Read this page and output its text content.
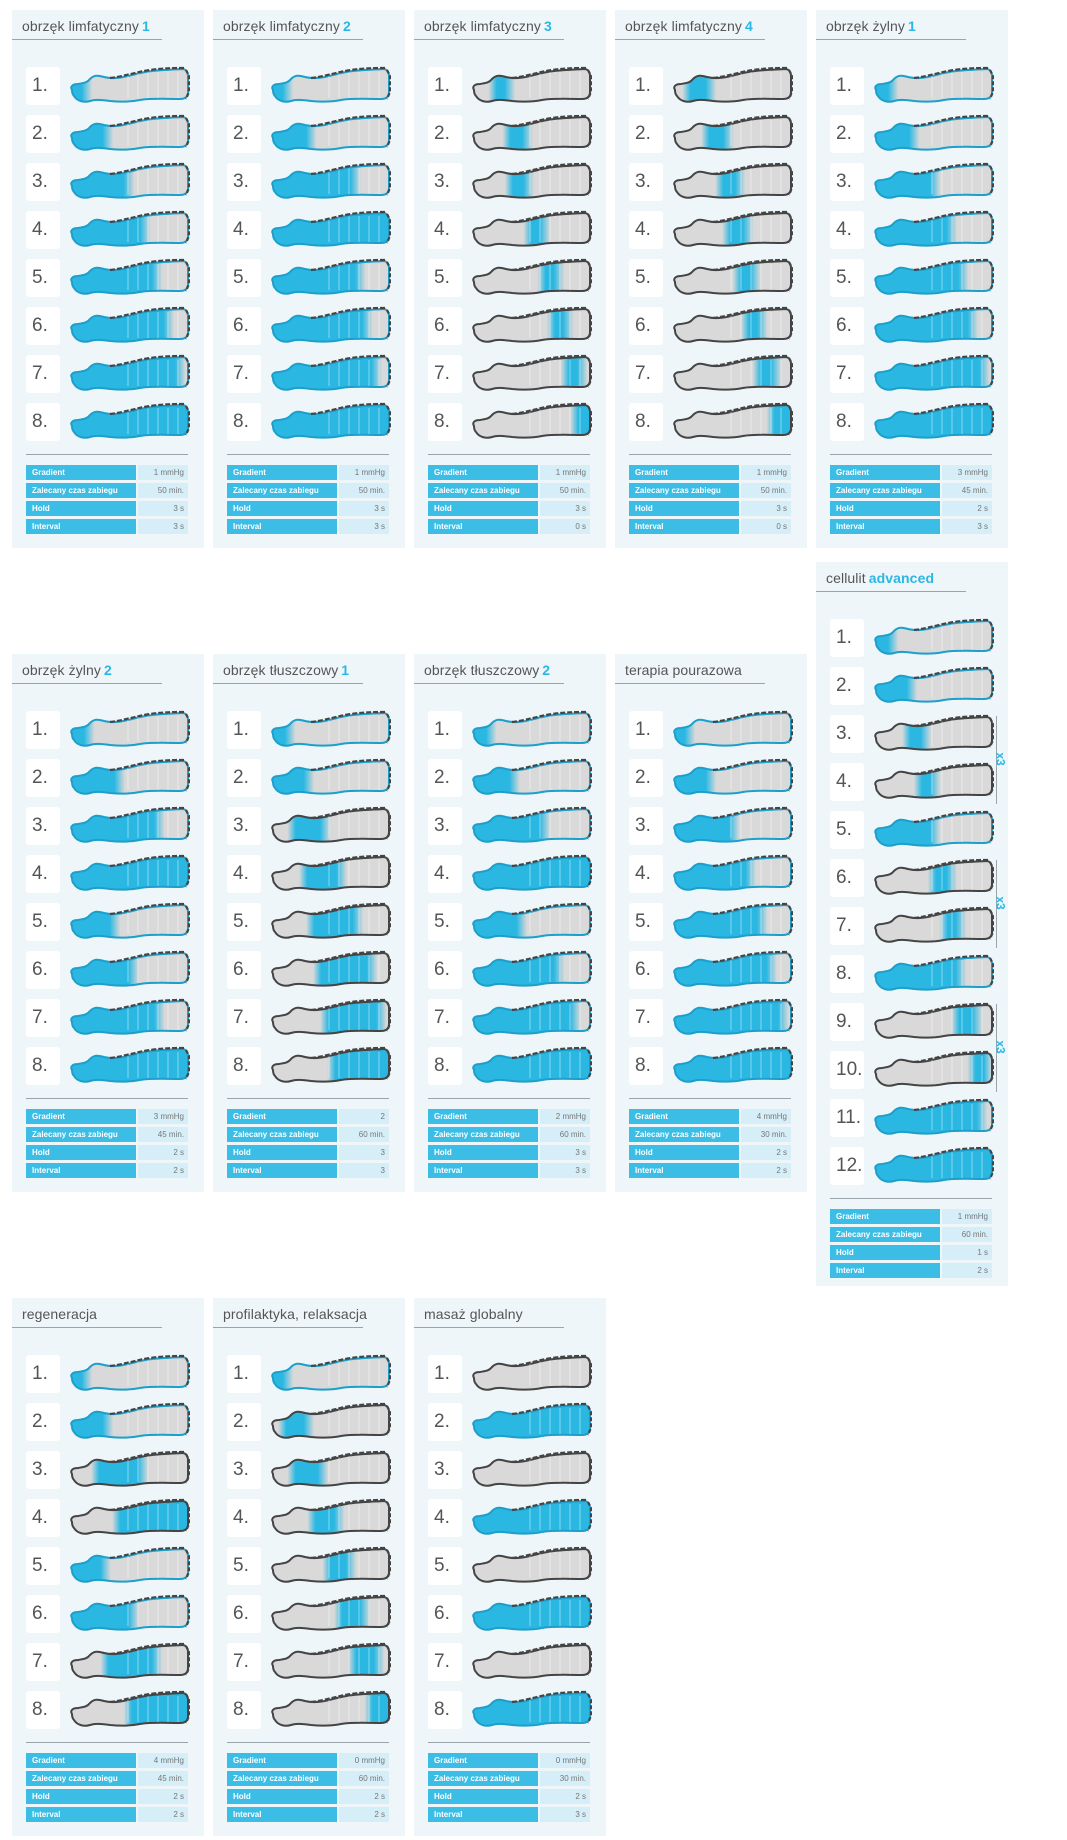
obrzęk limfatyczny 1
1.
2.
3.
4.
5.
6.
7.
8.
Gradient	1 mmHg
Zalecany czas zabiegu	50 min.
Hold	3 s
Interval	3 s
obrzęk limfatyczny 2
1.
2.
3.
4.
5.
6.
7.
8.
Gradient	1 mmHg
Zalecany czas zabiegu	50 min.
Hold	3 s
Interval	3 s
obrzęk limfatyczny 3
1.
2.
3.
4.
5.
6.
7.
8.
Gradient	1 mmHg
Zalecany czas zabiegu	50 min.
Hold	3 s
Interval	0 s
obrzęk limfatyczny 4
1.
2.
3.
4.
5.
6.
7.
8.
Gradient	1 mmHg
Zalecany czas zabiegu	50 min.
Hold	3 s
Interval	0 s
obrzęk żylny 1
1.
2.
3.
4.
5.
6.
7.
8.
Gradient	3 mmHg
Zalecany czas zabiegu	45 min.
Hold	2 s
Interval	3 s
cellulit advanced
1.
2.
3.
4.
5.
6.
7.
8.
9.
10.
11.
12.
x3
x3
x3
Gradient	1 mmHg
Zalecany czas zabiegu	60 min.
Hold	1 s
Interval	2 s
obrzęk żylny 2
1.
2.
3.
4.
5.
6.
7.
8.
Gradient	3 mmHg
Zalecany czas zabiegu	45 min.
Hold	2 s
Interval	2 s
obrzęk tłuszczowy 1
1.
2.
3.
4.
5.
6.
7.
8.
Gradient	2
Zalecany czas zabiegu	60 min.
Hold	3
Interval	3
obrzęk tłuszczowy 2
1.
2.
3.
4.
5.
6.
7.
8.
Gradient	2 mmHg
Zalecany czas zabiegu	60 min.
Hold	3 s
Interval	3 s
terapia pourazowa
1.
2.
3.
4.
5.
6.
7.
8.
Gradient	4 mmHg
Zalecany czas zabiegu	30 min.
Hold	2 s
Interval	2 s
regeneracja
1.
2.
3.
4.
5.
6.
7.
8.
Gradient	4 mmHg
Zalecany czas zabiegu	45 min.
Hold	2 s
Interval	2 s
profilaktyka, relaksacja
1.
2.
3.
4.
5.
6.
7.
8.
Gradient	0 mmHg
Zalecany czas zabiegu	60 min.
Hold	2 s
Interval	2 s
masaż globalny
1.
2.
3.
4.
5.
6.
7.
8.
Gradient	0 mmHg
Zalecany czas zabiegu	30 min.
Hold	2 s
Interval	3 s
